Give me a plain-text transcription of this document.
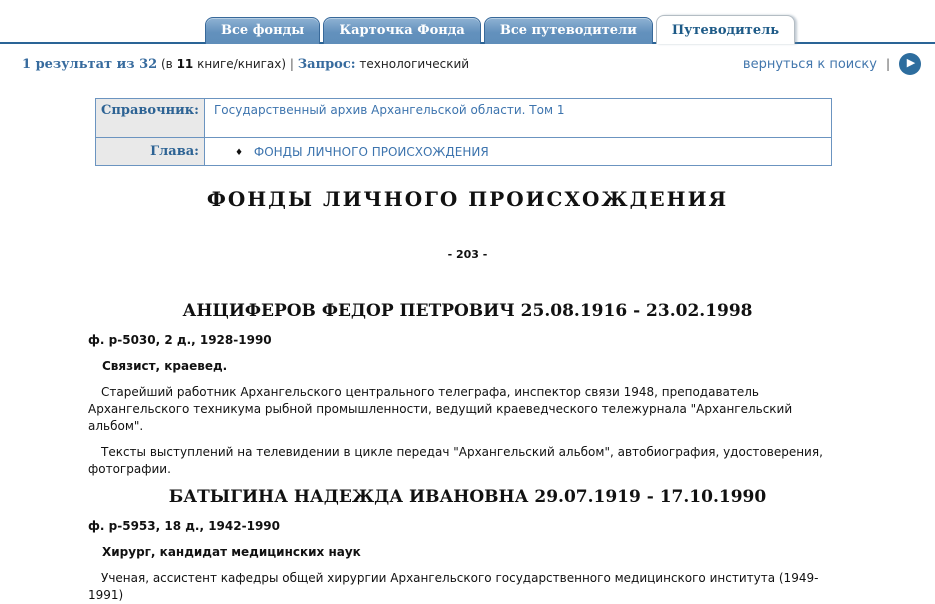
Все фонды	Карточка Фонда	Все путеводители	Путеводитель
1 результат из 32 (в 11 книге/книгах) | Запрос: технологический	вернуться к поиску |	▶
Справочник:	Государственный архив Архангельской области. Том 1
Глава:	♦ ФОНДЫ ЛИЧНОГО ПРОИСХОЖДЕНИЯ
ФОНДЫ ЛИЧНОГО ПРОИСХОЖДЕНИЯ
- 203 -
АНЦИФЕРОВ ФЕДОР ПЕТРОВИЧ 25.08.1916 - 23.02.1998
ф. р-5030, 2 д., 1928-1990
Связист, краевед.

Старейший работник Архангельского центрального телеграфа, инспектор связи 1948, преподаватель Архангельского техникума рыбной промышленности, ведущий краеведческого тележурнала "Архангельский альбом".

Тексты выступлений на телевидении в цикле передач "Архангельский альбом", автобиография, удостоверения, фотографии.

БАТЫГИНА НАДЕЖДА ИВАНОВНА 29.07.1919 - 17.10.1990
ф. р-5953, 18 д., 1942-1990
Хирург, кандидат медицинских наук

Ученая, ассистент кафедры общей хирургии Архангельского государственного медицинского института (1949-1991)
